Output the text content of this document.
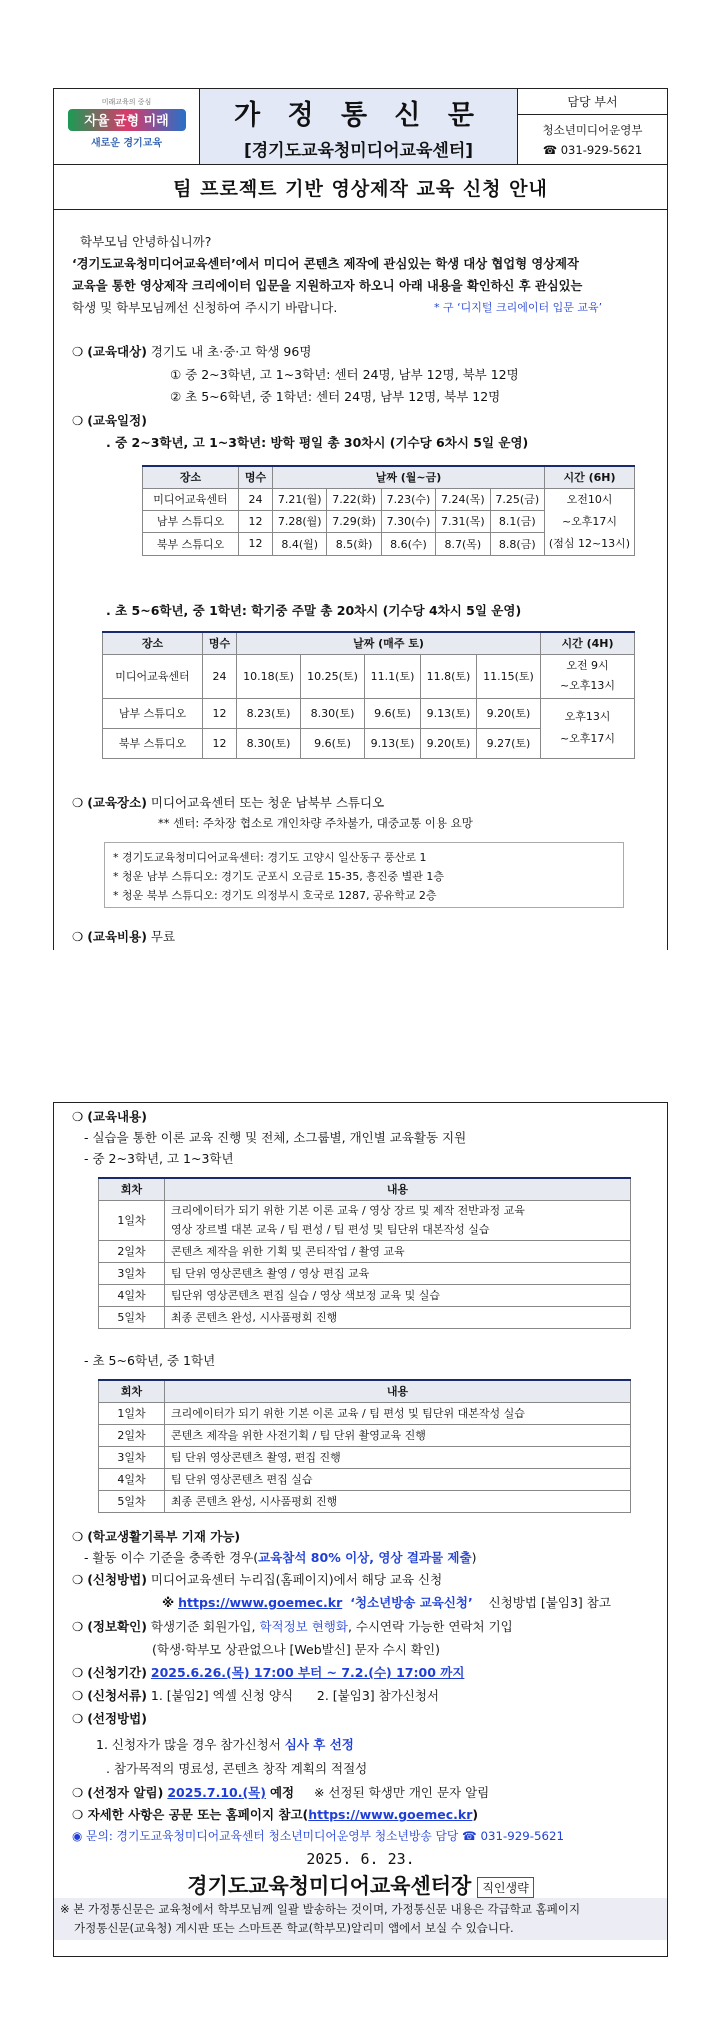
미래교육의 중심
자율 균형 미래
새로운 경기교육
가 정 통 신 문
[경기도교육청미디어교육센터]
담당 부서
청소년미디어운영부
☎ 031-929-5621
팀 프로젝트 기반 영상제작 교육 신청 안내
학부모님 안녕하십니까?
‘경기도교육청미디어교육센터’에서 미디어 콘텐츠 제작에 관심있는 학생 대상 협업형 영상제작
교육을 통한 영상제작 크리에이터 입문을 지원하고자 하오니 아래 내용을 확인하신 후 관심있는
학생 및 학부모님께선 신청하여 주시기 바랍니다.	* 구 ‘디지털 크리에이터 입문 교육’
❍ (교육대상) 경기도 내 초·중·고 학생 96명
① 중 2~3학년, 고 1~3학년: 센터 24명, 남부 12명, 북부 12명
② 초 5~6학년, 중 1학년: 센터 24명, 남부 12명, 북부 12명
❍ (교육일정)
. 중 2~3학년, 고 1~3학년: 방학 평일 총 30차시 (기수당 6차시 5일 운영)
장소	명수	날짜 (월~금)					시간 (6H)
미디어교육센터	24	7.21(월)	7.22(화)	7.23(수)	7.24(목)	7.25(금)	오전10시
~오후17시
(점심 12~13시)

남부 스튜디오	12	7.28(월)	7.29(화)	7.30(수)	7.31(목)	8.1(금)	
북부 스튜디오	12	8.4(월)	8.5(화)	8.6(수)	8.7(목)	8.8(금)	
. 초 5~6학년, 중 1학년: 학기중 주말 총 20차시 (기수당 4차시 5일 운영)
장소	명수	날짜 (매주 토)					시간 (4H)
미디어교육센터	24	10.18(토)	10.25(토)	11.1(토)	11.8(토)	11.15(토)	오전 9시
~오후13시

남부 스튜디오	12	8.23(토)	8.30(토)	9.6(토)	9.13(토)	9.20(토)	오후13시
~오후17시

북부 스튜디오	12	8.30(토)	9.6(토)	9.13(토)	9.20(토)	9.27(토)	
❍ (교육장소) 미디어교육센터 또는 청운 남북부 스튜디오
** 센터: 주차장 협소로 개인차량 주차불가, 대중교통 이용 요망
* 경기도교육청미디어교육센터: 경기도 고양시 일산동구 풍산로 1
* 청운 남부 스튜디오: 경기도 군포시 오금로 15-35, 흥진중 별관 1층
* 청운 북부 스튜디오: 경기도 의정부시 호국로 1287, 공유학교 2층
❍ (교육비용) 무료
❍ (교육내용)
- 실습을 통한 이론 교육 진행 및 전체, 소그룹별, 개인별 교육활동 지원
- 중 2~3학년, 고 1~3학년
회차	내용
1일차	크리에이터가 되기 위한 기본 이론 교육 / 영상 장르 및 제작 전반과정 교육
영상 장르별 대본 교육 / 팀 편성 / 팀 편성 및 팀단위 대본작성 실습

2일차	콘텐츠 제작을 위한 기획 및 콘티작업 / 촬영 교육
3일차	팀 단위 영상콘텐츠 촬영 / 영상 편집 교육
4일차	팀단위 영상콘텐츠 편집 실습 / 영상 색보정 교육 및 실습
5일차	최종 콘텐츠 완성, 시사품평회 진행
- 초 5~6학년, 중 1학년
회차	내용
1일차	크리에이터가 되기 위한 기본 이론 교육 / 팀 편성 및 팀단위 대본작성 실습
2일차	콘텐츠 제작을 위한 사전기획 / 팀 단위 촬영교육 진행
3일차	팀 단위 영상콘텐츠 촬영, 편집 진행
4일차	팀 단위 영상콘텐츠 편집 실습
5일차	최종 콘텐츠 완성, 시사품평회 진행
❍ (학교생활기록부 기재 가능)
- 활동 이수 기준을 충족한 경우(교육참석 80% 이상, 영상 결과물 제출)
❍ (신청방법) 미디어교육센터 누리집(홈페이지)에서 해당 교육 신청
※ https://www.goemec.kr ‘청소년방송 교육신청’ 신청방법 [붙임3] 참고
❍ (정보확인) 학생기준 회원가입, 학적정보 현행화, 수시연락 가능한 연락처 기입
(학생·학부모 상관없으나 [Web발신] 문자 수시 확인)
❍ (신청기간) 2025.6.26.(목) 17:00 부터 ~ 7.2.(수) 17:00 까지
❍ (신청서류) 1. [붙임2] 엑셀 신청 양식 2. [붙임3] 참가신청서
❍ (선정방법)
1. 신청자가 많을 경우 참가신청서 심사 후 선정
. 참가목적의 명료성, 콘텐츠 창작 계획의 적절성
❍ (선정자 알림) 2025.7.10.(목) 예정 ※ 선정된 학생만 개인 문자 알림
❍ 자세한 사항은 공문 또는 홈페이지 참고(https://www.goemec.kr)
◉ 문의: 경기도교육청미디어교육센터 청소년미디어운영부 청소년방송 담당 ☎ 031-929-5621
2025. 6. 23.
경기도교육청미디어교육센터장 직인생략
※ 본 가정통신문은 교육청에서 학부모님께 일괄 발송하는 것이며, 가정통신문 내용은 각급학교 홈페이지
가정통신문(교육청) 게시판 또는 스마트폰 학교(학부모)알리미 앱에서 보실 수 있습니다.
